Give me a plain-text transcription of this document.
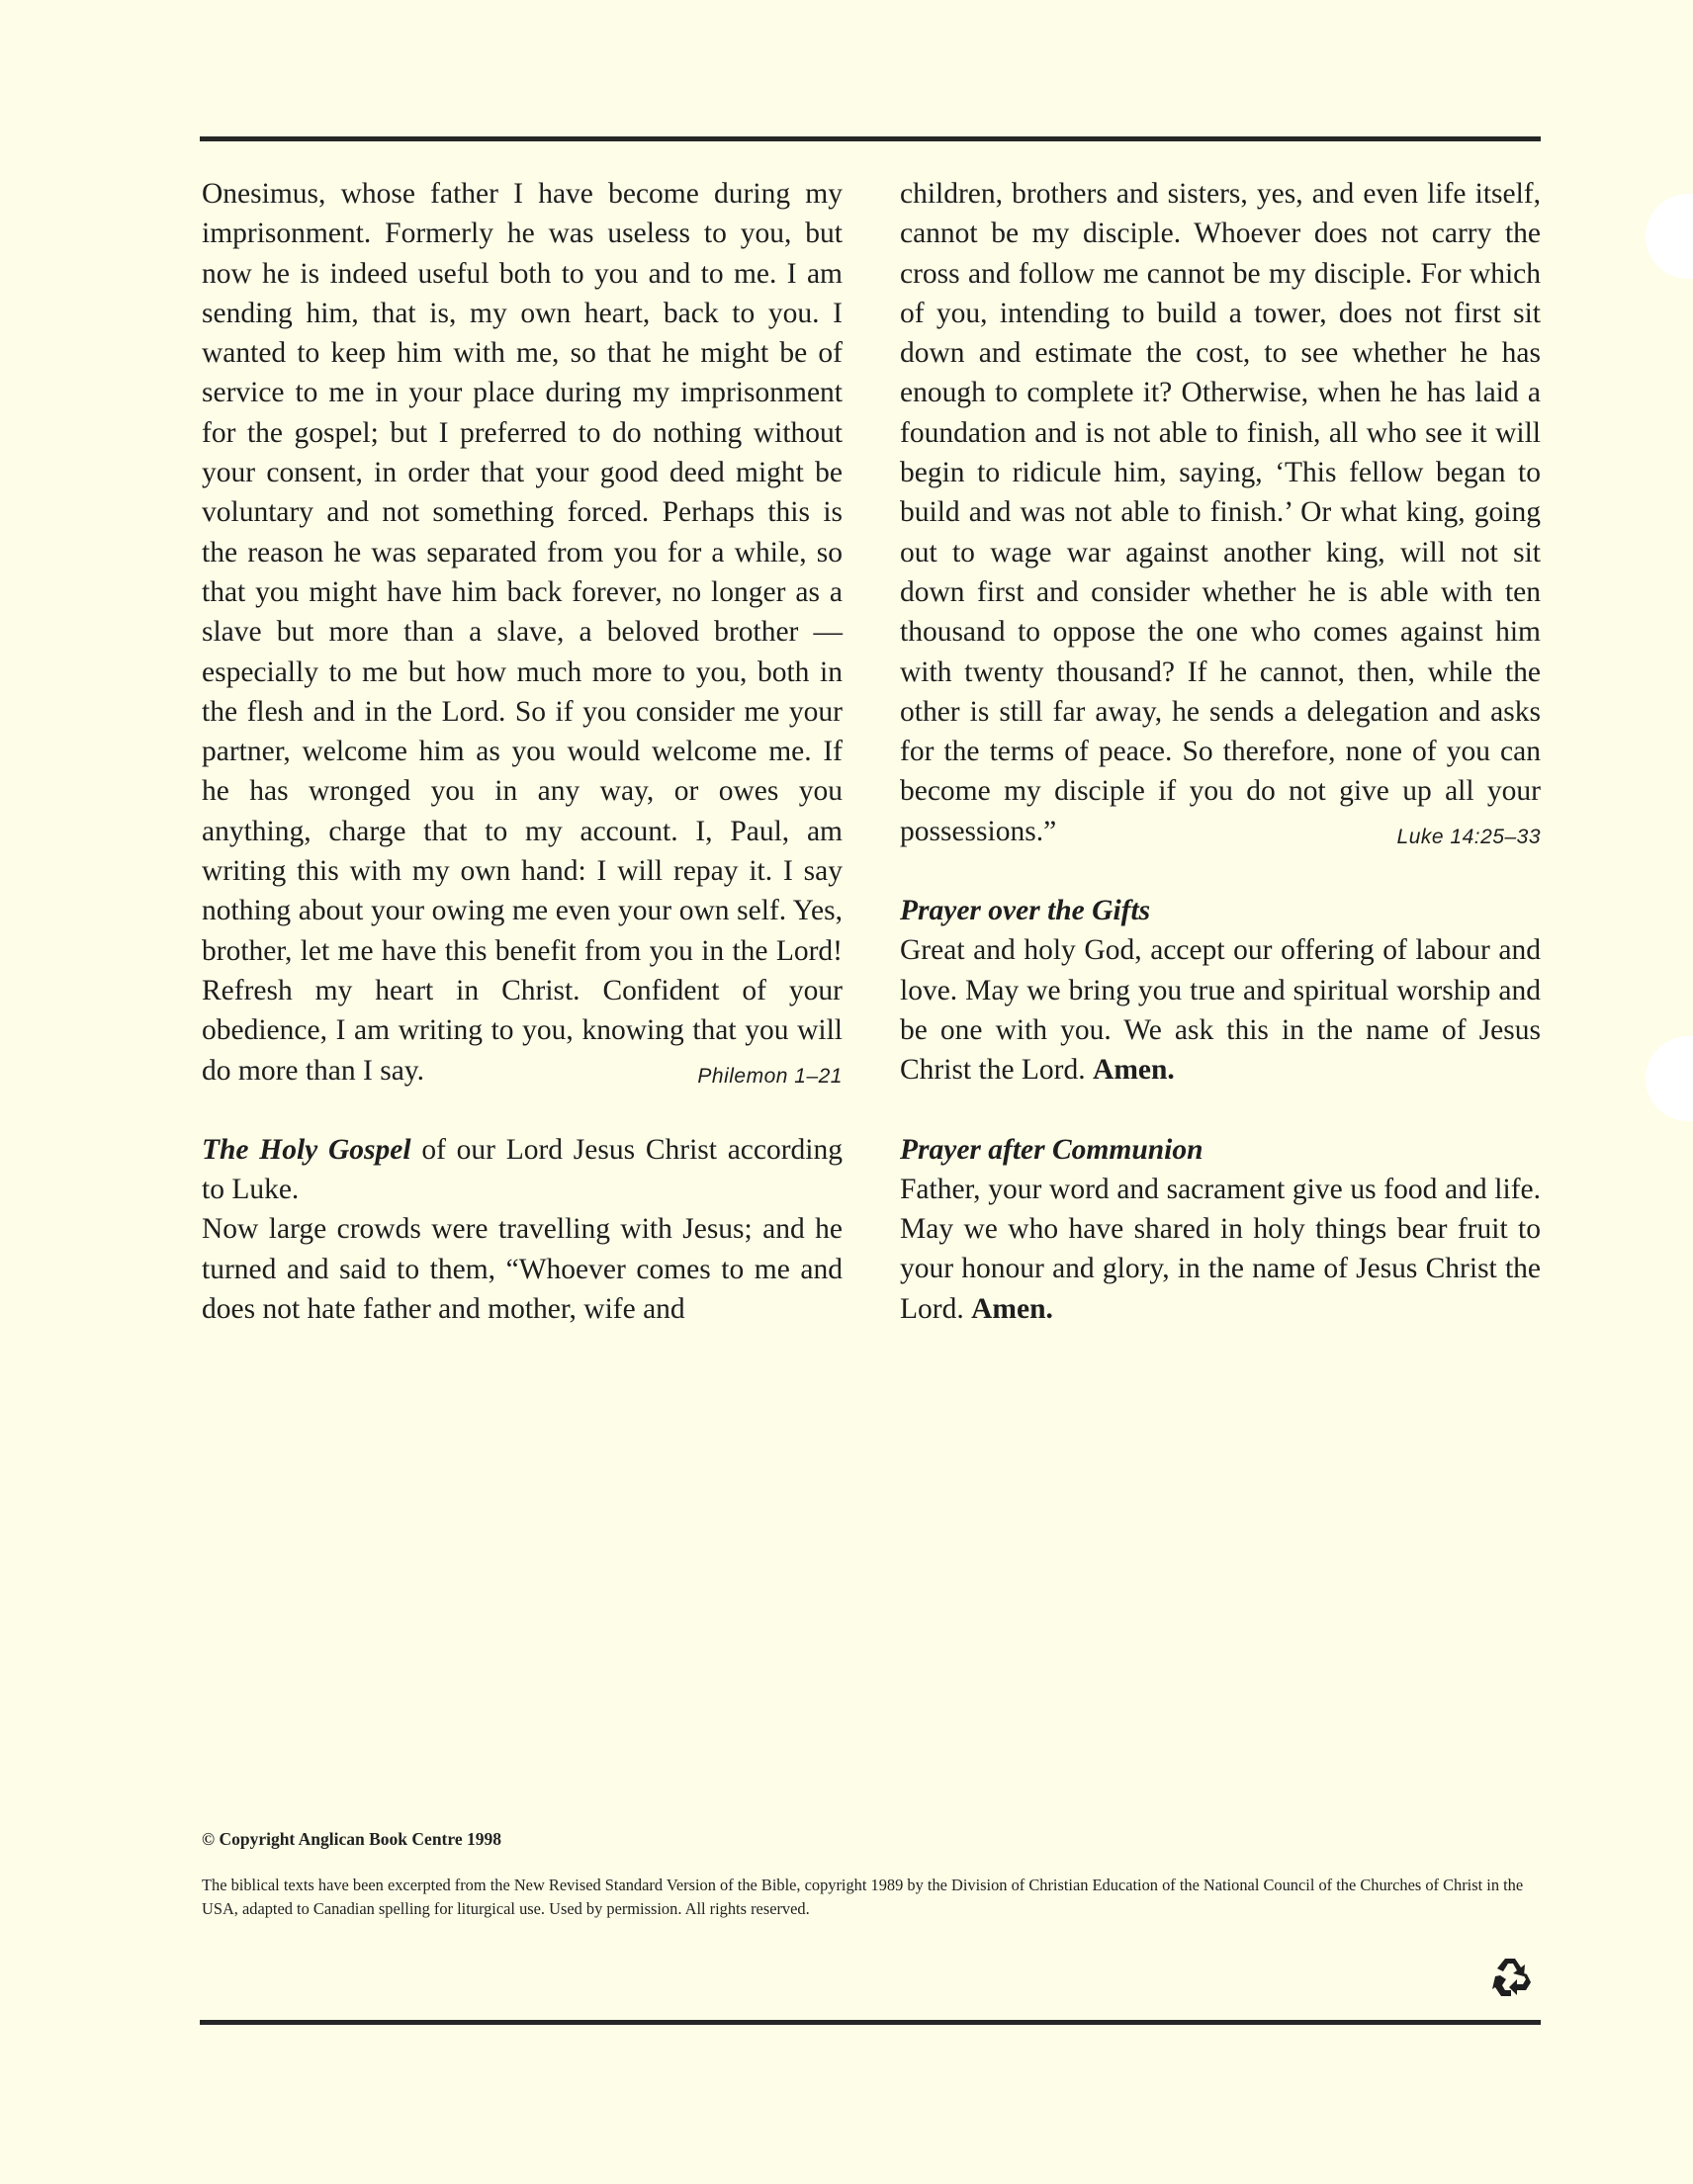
Onesimus, whose father I have become during my imprisonment. Formerly he was useless to you, but now he is indeed useful both to you and to me. I am sending him, that is, my own heart, back to you. I wanted to keep him with me, so that he might be of service to me in your place during my imprisonment for the gospel; but I preferred to do nothing without your consent, in order that your good deed might be voluntary and not something forced. Perhaps this is the reason he was separated from you for a while, so that you might have him back forever, no longer as a slave but more than a slave, a beloved brother — especially to me but how much more to you, both in the flesh and in the Lord. So if you consider me your partner, welcome him as you would welcome me. If he has wronged you in any way, or owes you anything, charge that to my account. I, Paul, am writing this with my own hand: I will repay it. I say nothing about your owing me even your own self. Yes, brother, let me have this benefit from you in the Lord! Refresh my heart in Christ. Confident of your obedience, I am writing to you, knowing that you will do more than I say.	Philemon 1–21

The Holy Gospel of our Lord Jesus Christ according to Luke.

Now large crowds were travelling with Jesus; and he turned and said to them, “Whoever comes to me and does not hate father and mother, wife and

children, brothers and sisters, yes, and even life itself, cannot be my disciple. Whoever does not carry the cross and follow me cannot be my disciple. For which of you, intending to build a tower, does not first sit down and estimate the cost, to see whether he has enough to complete it? Otherwise, when he has laid a foundation and is not able to finish, all who see it will begin to ridicule him, saying, ‘This fellow began to build and was not able to finish.’ Or what king, going out to wage war against another king, will not sit down first and consider whether he is able with ten thousand to oppose the one who comes against him with twenty thousand? If he cannot, then, while the other is still far away, he sends a delegation and asks for the terms of peace. So therefore, none of you can become my disciple if you do not give up all your possessions.”	Luke 14:25–33

Prayer over the Gifts

Great and holy God, accept our offering of labour and love. May we bring you true and spiritual worship and be one with you. We ask this in the name of Jesus Christ the Lord. Amen.

Prayer after Communion

Father, your word and sacrament give us food and life. May we who have shared in holy things bear fruit to your honour and glory, in the name of Jesus Christ the Lord. Amen.

© Copyright Anglican Book Centre 1998
The biblical texts have been excerpted from the New Revised Standard Version of the Bible, copyright 1989 by the Division of Christian Education of the National Council of the Churches of Christ in the USA, adapted to Canadian spelling for liturgical use. Used by permission. All rights reserved.
